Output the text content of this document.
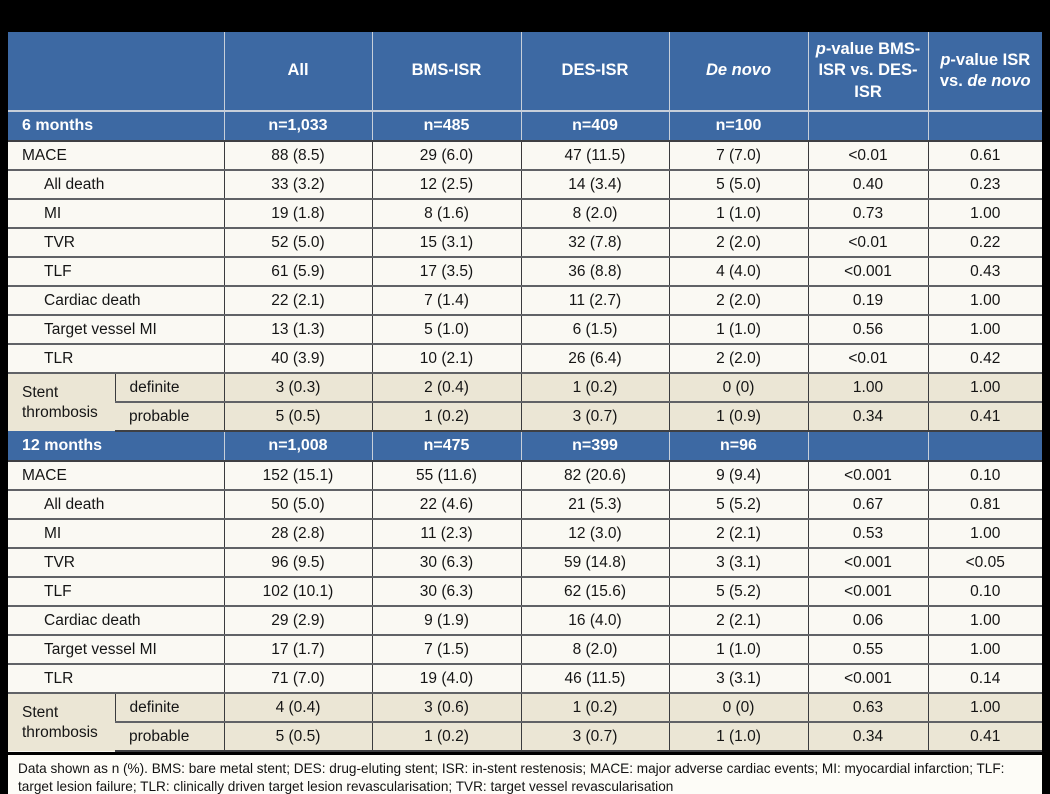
		All	BMS-ISR	DES-ISR	De novo	p-value BMS-ISR vs. DES-ISR	p-value ISR vs. de novo
6 months		n=1,033	n=485	n=409	n=100		
MACE		88 (8.5)	29 (6.0)	47 (11.5)	7 (7.0)	<0.01	0.61
All death		33 (3.2)	12 (2.5)	14 (3.4)	5 (5.0)	0.40	0.23
MI		19 (1.8)	8 (1.6)	8 (2.0)	1 (1.0)	0.73	1.00
TVR		52 (5.0)	15 (3.1)	32 (7.8)	2 (2.0)	<0.01	0.22
TLF		61 (5.9)	17 (3.5)	36 (8.8)	4 (4.0)	<0.001	0.43
Cardiac death		22 (2.1)	7 (1.4)	11 (2.7)	2 (2.0)	0.19	1.00
Target vessel MI		13 (1.3)	5 (1.0)	6 (1.5)	1 (1.0)	0.56	1.00
TLR		40 (3.9)	10 (2.1)	26 (6.4)	2 (2.0)	<0.01	0.42
Stent thrombosis	definite	3 (0.3)	2 (0.4)	1 (0.2)	0 (0)	1.00	1.00
	probable	5 (0.5)	1 (0.2)	3 (0.7)	1 (0.9)	0.34	0.41
12 months		n=1,008	n=475	n=399	n=96		
MACE		152 (15.1)	55 (11.6)	82 (20.6)	9 (9.4)	<0.001	0.10
All death		50 (5.0)	22 (4.6)	21 (5.3)	5 (5.2)	0.67	0.81
MI		28 (2.8)	11 (2.3)	12 (3.0)	2 (2.1)	0.53	1.00
TVR		96 (9.5)	30 (6.3)	59 (14.8)	3 (3.1)	<0.001	<0.05
TLF		102 (10.1)	30 (6.3)	62 (15.6)	5 (5.2)	<0.001	0.10
Cardiac death		29 (2.9)	9 (1.9)	16 (4.0)	2 (2.1)	0.06	1.00
Target vessel MI		17 (1.7)	7 (1.5)	8 (2.0)	1 (1.0)	0.55	1.00
TLR		71 (7.0)	19 (4.0)	46 (11.5)	3 (3.1)	<0.001	0.14
Stent thrombosis	definite	4 (0.4)	3 (0.6)	1 (0.2)	0 (0)	0.63	1.00
	probable	5 (0.5)	1 (0.2)	3 (0.7)	1 (1.0)	0.34	0.41
Data shown as n (%). BMS: bare metal stent; DES: drug-eluting stent; ISR: in-stent restenosis; MACE: major adverse cardiac events; MI: myocardial infarction; TLF: target lesion failure; TLR: clinically driven target lesion revascularisation; TVR: target vessel revascularisation
